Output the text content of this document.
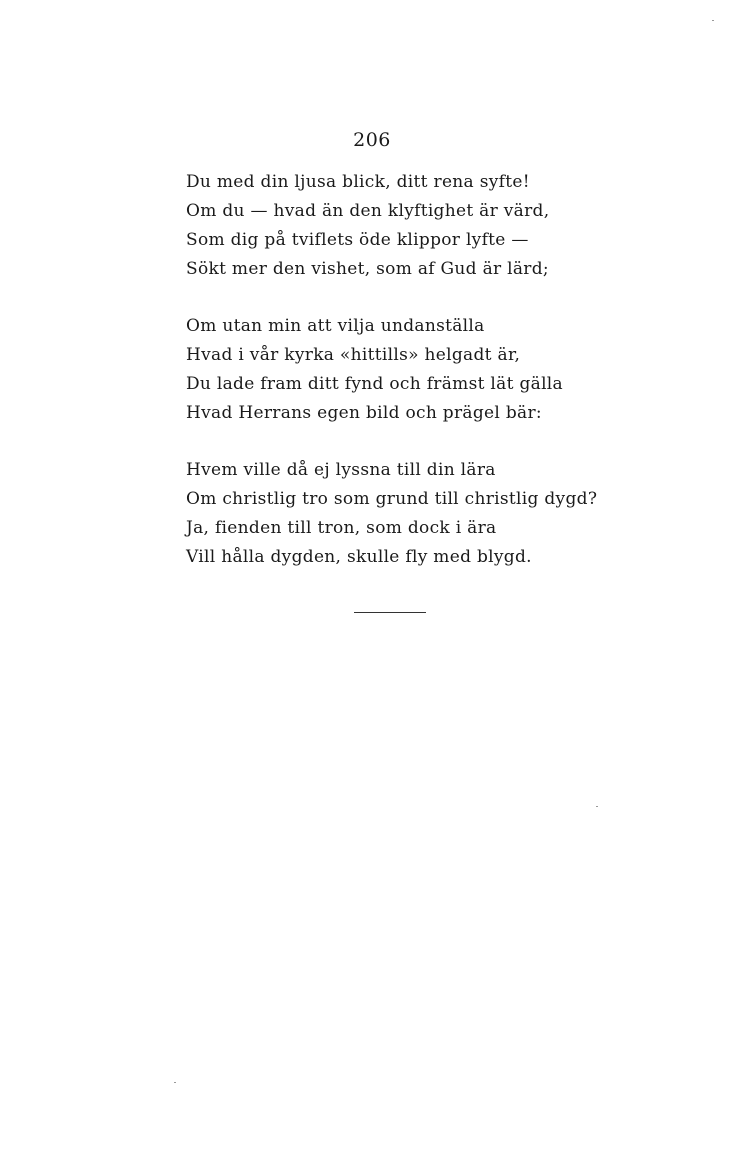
206
Du med din ljusa blick, ditt rena syfte!
Om du — hvad än den klyftighet är värd,
Som dig på tviflets öde klippor lyfte —
Sökt mer den vishet, som af Gud är lärd;
Om utan min att vilja undanställa
Hvad i vår kyrka «hittills» helgadt är,
Du lade fram ditt fynd och främst lät gälla
Hvad Herrans egen bild och prägel bär:
Hvem ville då ej lyssna till din lära
Om christlig tro som grund till christlig dygd?
Ja, fienden till tron, som dock i ära
Vill hålla dygden, skulle fly med blygd.
